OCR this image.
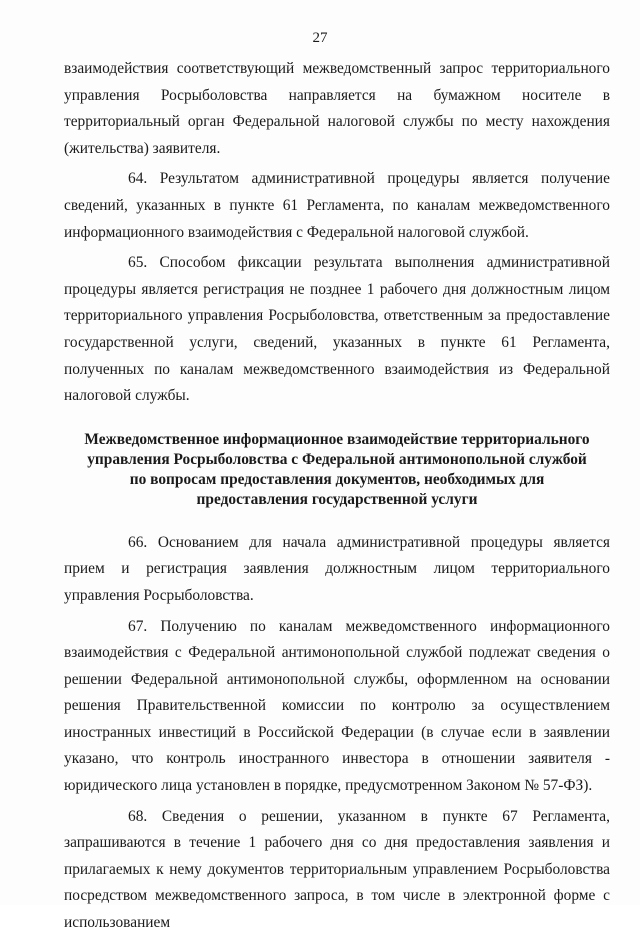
27

взаимодействия соответствующий межведомственный запрос территориального управления Росрыболовства направляется на бумажном носителе в территориальный орган Федеральной налоговой службы по месту нахождения (жительства) заявителя.

64. Результатом административной процедуры является получение сведений, указанных в пункте 61 Регламента, по каналам межведомственного информационного взаимодействия с Федеральной налоговой службой.

65. Способом фиксации результата выполнения административной процедуры является регистрация не позднее 1 рабочего дня должностным лицом территориального управления Росрыболовства, ответственным за предоставление государственной услуги, сведений, указанных в пункте 61 Регламента, полученных по каналам межведомственного взаимодействия из Федеральной налоговой службы.

Межведомственное информационное взаимодействие территориального управления Росрыболовства с Федеральной антимонопольной службой по вопросам предоставления документов, необходимых для предоставления государственной услуги

66. Основанием для начала административной процедуры является прием и регистрация заявления должностным лицом территориального управления Росрыболовства.

67. Получению по каналам межведомственного информационного взаимодействия с Федеральной антимонопольной службой подлежат сведения о решении Федеральной антимонопольной службы, оформленном на основании решения Правительственной комиссии по контролю за осуществлением иностранных инвестиций в Российской Федерации (в случае если в заявлении указано, что контроль иностранного инвестора в отношении заявителя - юридического лица установлен в порядке, предусмотренном Законом № 57-ФЗ).

68. Сведения о решении, указанном в пункте 67 Регламента, запрашиваются в течение 1 рабочего дня со дня предоставления заявления и прилагаемых к нему документов территориальным управлением Росрыболовства посредством межведомственного запроса, в том числе в электронной форме с использованием
